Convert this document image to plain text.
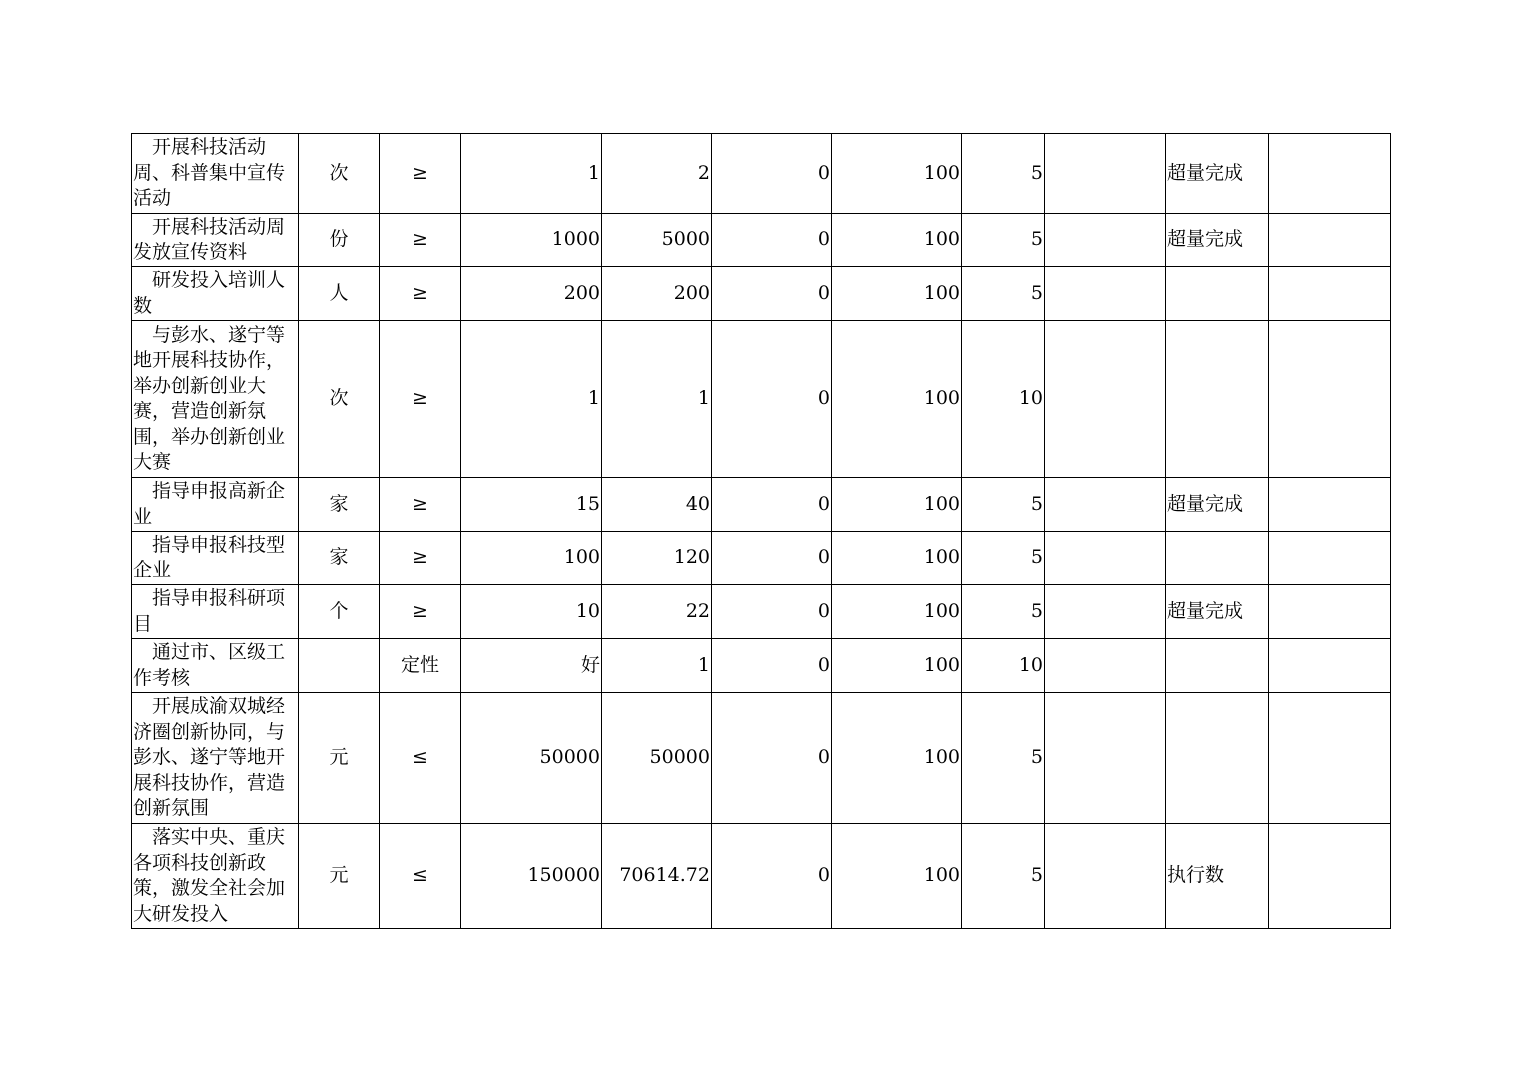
开展科技活动周、科普集中宣传活动	次	≥	1	2	0	100	5		超量完成	
开展科技活动周发放宣传资料	份	≥	1000	5000	0	100	5		超量完成	
研发投入培训人数	人	≥	200	200	0	100	5			
与彭水、遂宁等地开展科技协作，举办创新创业大赛，营造创新氛围，举办创新创业大赛	次	≥	1	1	0	100	10			
指导申报高新企业	家	≥	15	40	0	100	5		超量完成	
指导申报科技型企业	家	≥	100	120	0	100	5			
指导申报科研项目	个	≥	10	22	0	100	5		超量完成	
通过市、区级工作考核		定性	好	1	0	100	10			
开展成渝双城经济圈创新协同，与彭水、遂宁等地开展科技协作，营造创新氛围	元	≤	50000	50000	0	100	5			
落实中央、重庆各项科技创新政策，激发全社会加大研发投入	元	≤	150000	70614.72	0	100	5		执行数	
